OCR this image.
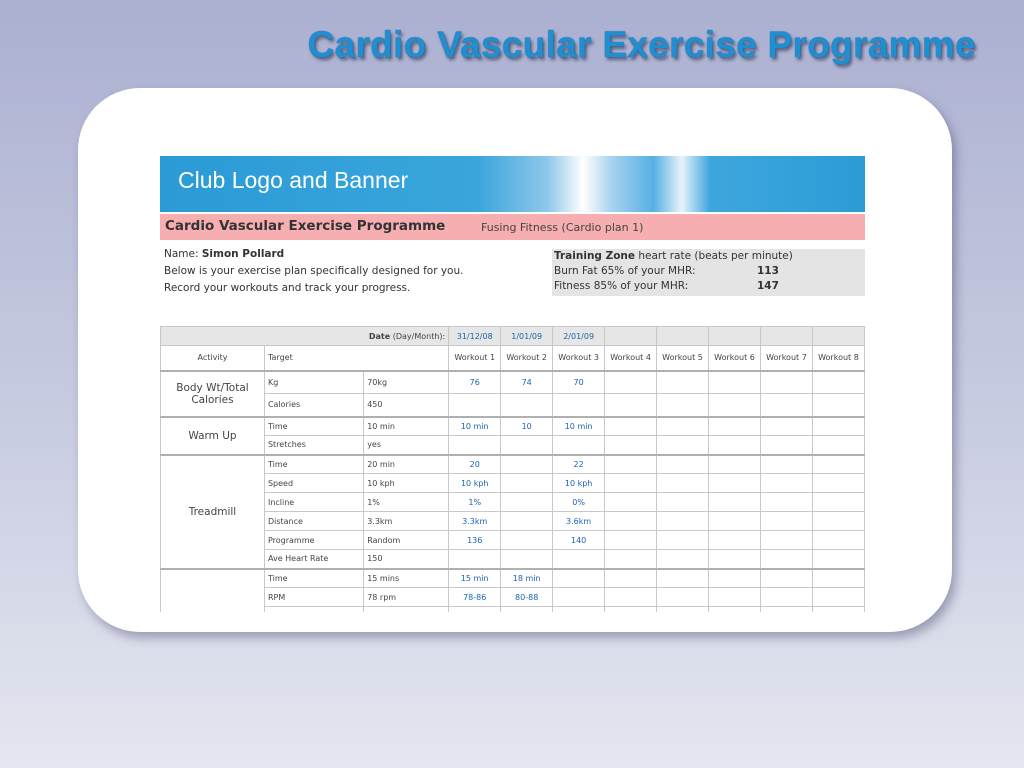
Cardio Vascular Exercise Programme
Club Logo and Banner
Cardio Vascular Exercise Programme	Fusing Fitness (Cardio plan 1)
Name: Simon Pollard
Below is your exercise plan specifically designed for you.
Record your workouts and track your progress.
Training Zone heart rate (beats per minute)
Burn Fat 65% of your MHR:	113
Fitness 85% of your MHR:	147
Date (Day/Month):			31/12/08	1/01/09	2/01/09					
Activity	Target		Workout 1	Workout 2	Workout 3	Workout 4	Workout 5	Workout 6	Workout 7	Workout 8
Body Wt/Total Calories	Kg	70kg	76	74	70					
	Calories	450								
Warm Up	Time	10 min	10 min	10	10 min					
	Stretches	yes								
Treadmill	Time	20 min	20		22					
	Speed	10 kph	10 kph		10 kph					
	Incline	1%	1%		0%					
	Distance	3.3km	3.3km		3.6km					
	Programme	Random	136		140					
	Ave Heart Rate	150								
	Time	15 mins	15 min	18 min						
	RPM	78 rpm	78-86	80-88						
